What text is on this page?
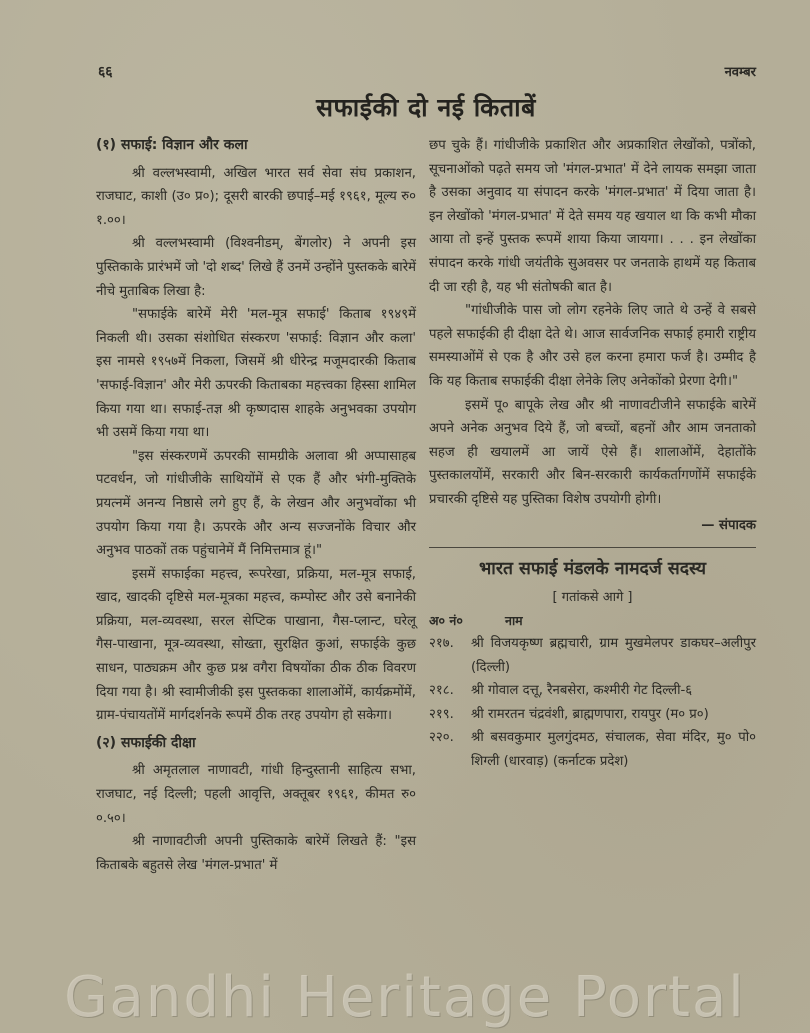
६६	नवम्बर
सफाईकी दो नई किताबें

(१) सफाई: विज्ञान और कला

श्री वल्लभस्वामी, अखिल भारत सर्व सेवा संघ प्रकाशन, राजघाट, काशी (उ० प्र०); दूसरी बारकी छपाई–मई १९६१, मूल्य रु० १.००।

श्री वल्लभस्वामी (विश्वनीडम्, बेंगलोर) ने अपनी इस पुस्तिकाके प्रारंभमें जो 'दो शब्द' लिखे हैं उनमें उन्होंने पुस्तकके बारेमें नीचे मुताबिक लिखा है:

"सफाईके बारेमें मेरी 'मल-मूत्र सफाई' किताब १९४९में निकली थी। उसका संशोधित संस्करण 'सफाई: विज्ञान और कला' इस नामसे १९५७में निकला, जिसमें श्री धीरेन्द्र मजूमदारकी किताब 'सफाई-विज्ञान' और मेरी ऊपरकी किताबका महत्त्वका हिस्सा शामिल किया गया था। सफाई-तज्ञ श्री कृष्णदास शाहके अनुभवका उपयोग भी उसमें किया गया था।

"इस संस्करणमें ऊपरकी सामग्रीके अलावा श्री अप्पासाहब पटवर्धन, जो गांधीजीके साथियोंमें से एक हैं और भंगी-मुक्तिके प्रयत्नमें अनन्य निष्ठासे लगे हुए हैं, के लेखन और अनुभवोंका भी उपयोग किया गया है। ऊपरके और अन्य सज्जनोंके विचार और अनुभव पाठकों तक पहुंचानेमें मैं निमित्तमात्र हूं।"

इसमें सफाईका महत्त्व, रूपरेखा, प्रक्रिया, मल-मूत्र सफाई, खाद, खादकी दृष्टिसे मल-मूत्रका महत्त्व, कम्पोस्ट और उसे बनानेकी प्रक्रिया, मल-व्यवस्था, सरल सेप्टिक पाखाना, गैस-प्लान्ट, घरेलू गैस-पाखाना, मूत्र-व्यवस्था, सोख्ता, सुरक्षित कुआं, सफाईके कुछ साधन, पाठ्यक्रम और कुछ प्रश्न वगैरा विषयोंका ठीक ठीक विवरण दिया गया है। श्री स्वामीजीकी इस पुस्तकका शालाओंमें, कार्यक्रमोंमें, ग्राम-पंचायतोंमें मार्गदर्शनके रूपमें ठीक तरह उपयोग हो सकेगा।

(२) सफाईकी दीक्षा

श्री अमृतलाल नाणावटी, गांधी हिन्दुस्तानी साहित्य सभा, राजघाट, नई दिल्ली; पहली आवृत्ति, अक्तूबर १९६१, कीमत रु० ०.५०।

श्री नाणावटीजी अपनी पुस्तिकाके बारेमें लिखते हैं: "इस किताबके बहुतसे लेख 'मंगल-प्रभात' में

छप चुके हैं। गांधीजीके प्रकाशित और अप्रकाशित लेखोंको, पत्रोंको, सूचनाओंको पढ़ते समय जो 'मंगल-प्रभात' में देने लायक समझा जाता है उसका अनुवाद या संपादन करके 'मंगल-प्रभात' में दिया जाता है। इन लेखोंको 'मंगल-प्रभात' में देते समय यह खयाल था कि कभी मौका आया तो इन्हें पुस्तक रूपमें शाया किया जायगा। . . . इन लेखोंका संपादन करके गांधी जयंतीके सुअवसर पर जनताके हाथमें यह किताब दी जा रही है, यह भी संतोषकी बात है।

"गांधीजीके पास जो लोग रहनेके लिए जाते थे उन्हें वे सबसे पहले सफाईकी ही दीक्षा देते थे। आज सार्वजनिक सफाई हमारी राष्ट्रीय समस्याओंमें से एक है और उसे हल करना हमारा फर्ज है। उम्मीद है कि यह किताब सफाईकी दीक्षा लेनेके लिए अनेकोंको प्रेरणा देगी।"

इसमें पू० बापूके लेख और श्री नाणावटीजीने सफाईके बारेमें अपने अनेक अनुभव दिये हैं, जो बच्चों, बहनों और आम जनताको सहज ही खयालमें आ जायें ऐसे हैं। शालाओंमें, देहातोंके पुस्तकालयोंमें, सरकारी और बिन-सरकारी कार्यकर्तागणोंमें सफाईके प्रचारकी दृष्टिसे यह पुस्तिका विशेष उपयोगी होगी।

— संपादक

भारत सफाई मंडलके नामदर्ज सदस्य

[ गतांकसे आगे ]

अ० नं०	नाम
२१७.	श्री विजयकृष्ण ब्रह्मचारी, ग्राम मुखमेलपर डाकघर–अलीपुर (दिल्ली)
२१८.	श्री गोवाल दत्तू, रैनबसेरा, कश्मीरी गेट दिल्ली-६
२१९.	श्री रामरतन चंद्रवंशी, ब्राह्मणपारा, रायपुर (म० प्र०)
२२०.	श्री बसवकुमार मुलगुंदमठ, संचालक, सेवा मंदिर, मु० पो० शिग्ली (धारवाड़) (कर्नाटक प्रदेश)
Gandhi Heritage Portal
